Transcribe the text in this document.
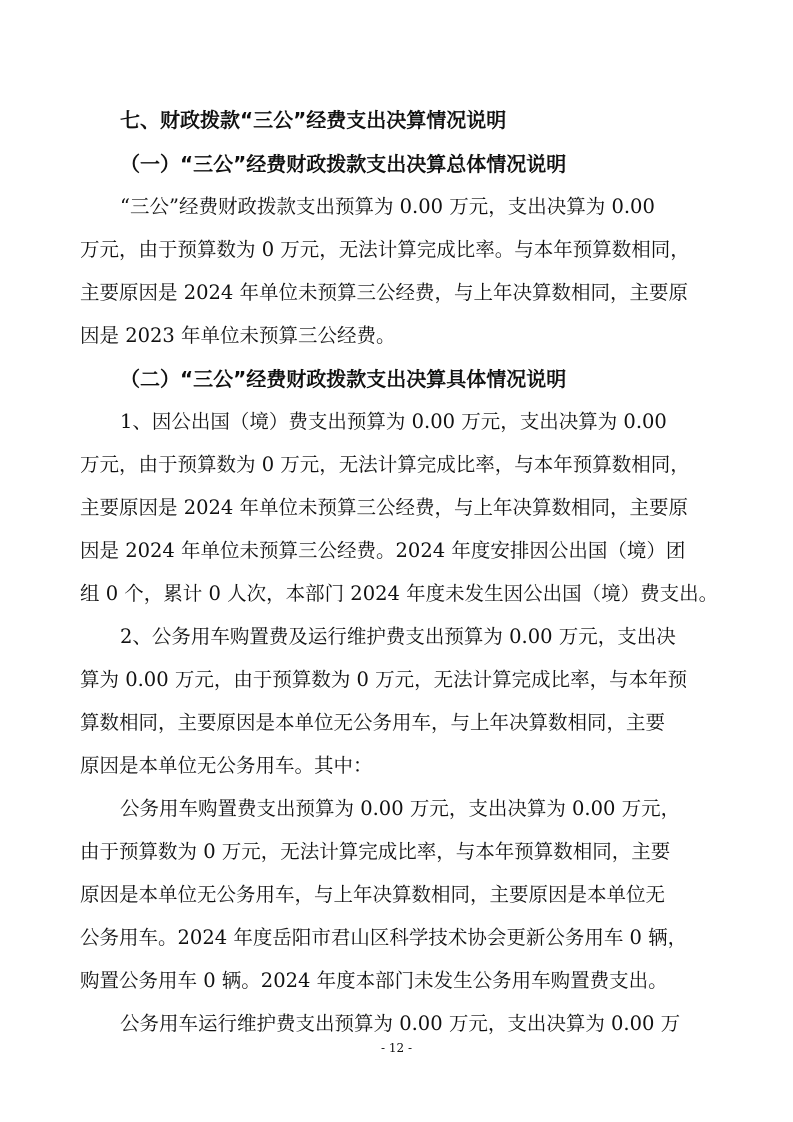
七、财政拨款“三公”经费支出决算情况说明
（一）“三公”经费财政拨款支出决算总体情况说明
“三公”经费财政拨款支出预算为 0.00 万元，支出决算为 0.00
万元，由于预算数为 0 万元，无法计算完成比率。与本年预算数相同，
主要原因是 2024 年单位未预算三公经费，与上年决算数相同，主要原
因是 2023 年单位未预算三公经费。
（二）“三公”经费财政拨款支出决算具体情况说明
1、因公出国（境）费支出预算为 0.00 万元，支出决算为 0.00
万元，由于预算数为 0 万元，无法计算完成比率，与本年预算数相同，
主要原因是 2024 年单位未预算三公经费，与上年决算数相同，主要原
因是 2024 年单位未预算三公经费。2024 年度安排因公出国（境）团
组 0 个，累计 0 人次，本部门 2024 年度未发生因公出国（境）费支出。
2、公务用车购置费及运行维护费支出预算为 0.00 万元，支出决
算为 0.00 万元，由于预算数为 0 万元，无法计算完成比率，与本年预
算数相同，主要原因是本单位无公务用车，与上年决算数相同，主要
原因是本单位无公务用车。其中：
公务用车购置费支出预算为 0.00 万元，支出决算为 0.00 万元，
由于预算数为 0 万元，无法计算完成比率，与本年预算数相同，主要
原因是本单位无公务用车，与上年决算数相同，主要原因是本单位无
公务用车。2024 年度岳阳市君山区科学技术协会更新公务用车 0 辆，
购置公务用车 0 辆。2024 年度本部门未发生公务用车购置费支出。
公务用车运行维护费支出预算为 0.00 万元，支出决算为 0.00 万
- 12 -
